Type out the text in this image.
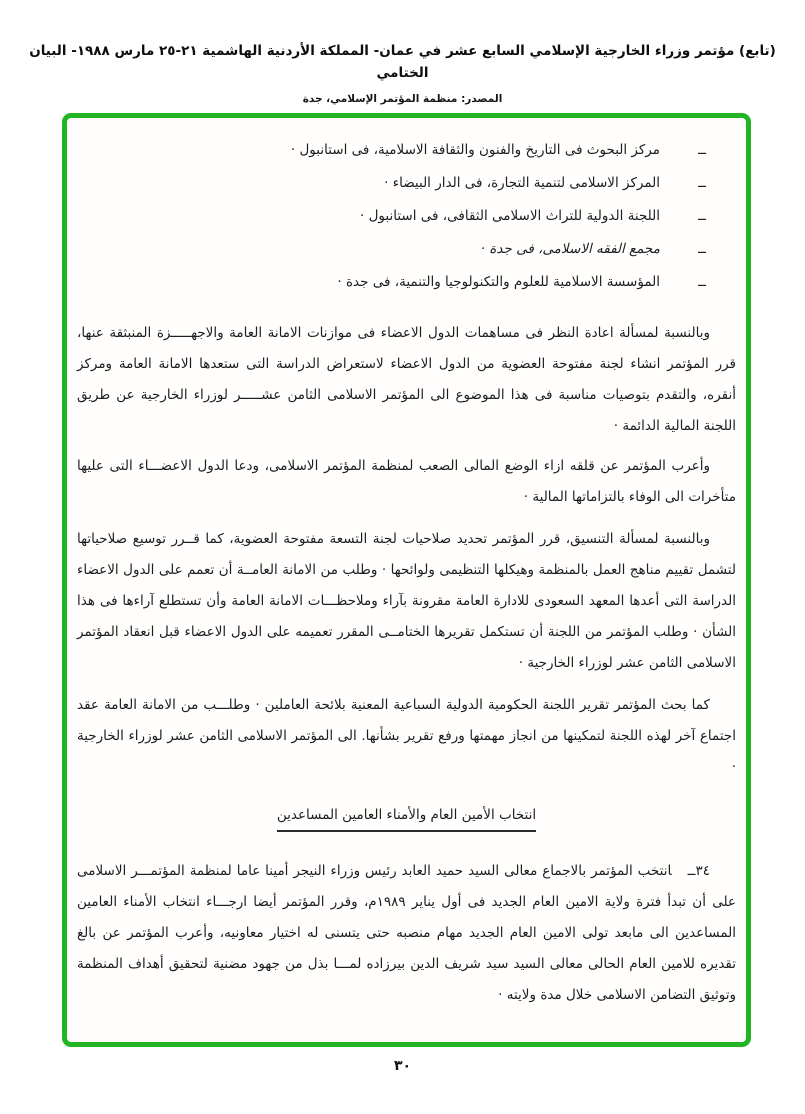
(تابع) مؤتمر وزراء الخارجية الإسلامي السابع عشر في عمان- المملكة الأردنية الهاشمية ٢١-٢٥ مارس ١٩٨٨- البيان الختامي
المصدر: منظمة المؤتمر الإسلامي، جدة
ــ
مركز البحوث فى التاريخ والفنون والثقافة الاسلامية، فى استانبول ·
ــ
المركز الاسلامى لتنمية التجارة، فى الدار البيضاء ·
ــ
اللجنة الدولية للتراث الاسلامى الثقافى، فى استانبول ·
ــ
مجمع الفقه الاسلامى، فى جدة ·
ــ
المؤسسة الاسلامية للعلوم والتكنولوجيا والتنمية، فى جدة ·

وبالنسبة لمسألة اعادة النظر فى مساهمات الدول الاعضاء فى موازنات الامانة العامة والاجهـــــزة المنبثقة عنها، قرر المؤتمر انشاء لجنة مفتوحة العضوية من الدول الاعضاء لاستعراض الدراسة التى ستعدها الامانة العامة ومركز أنقره، والتقدم بتوصيات مناسبة فى هذا الموضوع الى المؤتمر الاسلامى الثامن عشـــــر لوزراء الخارجية عن طريق اللجنة المالية الدائمة ·

وأعرب المؤتمر عن قلقه ازاء الوضع المالى الصعب لمنظمة المؤتمر الاسلامى، ودعا الدول الاعضـــاء التى عليها متأخرات الى الوفاء بالتزاماتها المالية ·

وبالنسبة لمسألة التنسيق، قرر المؤتمر تحديد صلاحيات لجنة التسعة مفتوحة العضوية، كما قــرر توسيع صلاحياتها لتشمل تقييم مناهج العمل بالمنظمة وهيكلها التنظيمى ولوائحها · وطلب من الامانة العامــة أن تعمم على الدول الاعضاء الدراسة التى أعدها المعهد السعودى للادارة العامة مقرونة بآراء وملاحظـــات الامانة العامة وأن تستطلع آراءها فى هذا الشأن · وطلب المؤتمر من اللجنة أن تستكمل تقريرها الختامــى المقرر تعميمه على الدول الاعضاء قبل انعقاد المؤتمر الاسلامى الثامن عشر لوزراء الخارجية ·

كما بحث المؤتمر تقرير اللجنة الحكومية الدولية السباعية المعنية بلائحة العاملين · وطلـــب من الامانة العامة عقد اجتماع آخر لهذه اللجنة لتمكينها من انجاز مهمتها ورفع تقرير بشأنها. الى المؤتمر الاسلامى الثامن عشر لوزراء الخارجية ·

انتخاب الأمين العام والأمناء العامين المساعدين

٣٤ــانتخب المؤتمر بالاجماع معالى السيد حميد العابد رئيس وزراء النيجر أمينا عاما لمنظمة المؤتمـــر الاسلامى على أن تبدأ فترة ولاية الامين العام الجديد فى أول يناير ١٩٨٩م، وقرر المؤتمر أيضا ارجـــاء انتخاب الأمناء العامين المساعدين الى مابعد تولى الامين العام الجديد مهام منصبه حتى يتسنى له اختيار معاونيه، وأعرب المؤتمر عن بالغ تقديره للامين العام الحالى معالى السيد سيد شريف الدين بيرزاده لمـــا بذل من جهود مضنية لتحقيق أهداف المنظمة وتوثيق التضامن الاسلامى خلال مدة ولايته ·

٣٠
